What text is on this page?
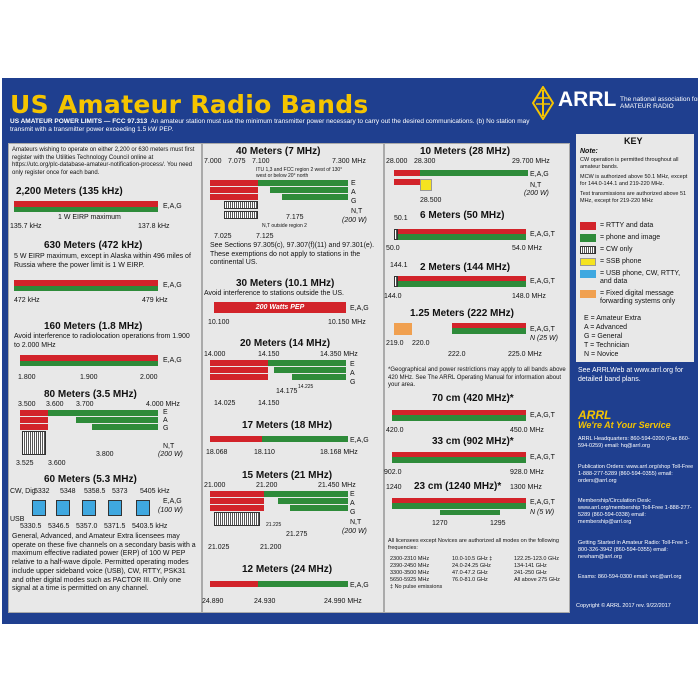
US Amateur Radio Bands
US AMATEUR POWER LIMITS — FCC 97.313 An amateur station must use the minimum transmitter power necessary to carry out the desired communications. (b) No station may transmit with a transmitter power exceeding 1.5 kW PEP.
ARRL The national association for AMATEUR RADIO
Amateurs wishing to operate on either 2,200 or 630 meters must first register with the Utilities Technology Council online at https://utc.org/plc-database-amateur-notification-process/. You need only register once for each band.
2,200 Meters (135 kHz)
E,A,G
1 W EIRP maximum
135.7 kHz	137.8 kHz
630 Meters (472 kHz)
5 W EIRP maximum, except in Alaska within 496 miles of Russia where the power limit is 1 W EIRP.
E,A,G
472 kHz	479 kHz
160 Meters (1.8 MHz)
Avoid interference to radiolocation operations from 1.900 to 2.000 MHz
E,A,G
1.800	1.900	2.000
80 Meters (3.5 MHz)
3.500 3.600 3.700	4.000 MHz
E
A
G
N,T
(200 W)
3.800
3.525 3.600
60 Meters (5.3 MHz)
CW, Dig
5332 5348 5358.5 5373 5405 kHz
E,A,G
(100 W)
USB
5330.5 5346.5 5357.0 5371.5 5403.5 kHz
General, Advanced, and Amateur Extra licensees may operate on these five channels on a secondary basis with a maximum effective radiated power (ERP) of 100 W PEP relative to a half-wave dipole. Permitted operating modes include upper sideband voice (USB), CW, RTTY, PSK31 and other digital modes such as PACTOR III. Only one signal at a time is permitted on any channel.
40 Meters (7 MHz)
7.000 7.075 7.100	7.300 MHz
ITU 1,3 and FCC region 2 west of 130° west or below 20° north
E
A
G
N,T
(200 W)
7.175
N,T outside region 2
7.025	7.125
See Sections 97.305(c), 97.307(f)(11) and 97.301(e). These exemptions do not apply to stations in the continental US.
30 Meters (10.1 MHz)
Avoid interference to stations outside the US.
200 Watts PEP	E,A,G
10.100	10.150 MHz
20 Meters (14 MHz)
14.000	14.150	14.350 MHz
E
A
G
14.175
14.225
14.025	14.150
17 Meters (18 MHz)
E,A,G
18.068	18.110	18.168 MHz
15 Meters (21 MHz)
21.000	21.200	21.450 MHz
E
A
G
N,T
(200 W)
21.225
21.275
21.025	21.200
12 Meters (24 MHz)
E,A,G
24.890	24.930	24.990 MHz
10 Meters (28 MHz)
28.000 28.300	29.700 MHz
E,A,G
N,T
(200 W)
28.500
6 Meters (50 MHz)
50.1
E,A,G,T
50.0	54.0 MHz
2 Meters (144 MHz)
144.1
E,A,G,T
144.0	148.0 MHz
1.25 Meters (222 MHz)
E,A,G,T
N (25 W)
219.0 220.0
222.0	225.0 MHz
*Geographical and power restrictions may apply to all bands above 420 MHz. See The ARRL Operating Manual for information about your area.
70 cm (420 MHz)*
E,A,G,T
420.0	450.0 MHz
33 cm (902 MHz)*
E,A,G,T
902.0	928.0 MHz
23 cm (1240 MHz)*
1240	1300 MHz
E,A,G,T
N (5 W)
1270	1295
All licensees except Novices are authorized all modes on the following frequencies:
2300-2310 MHz	10.0-10.5 GHz ‡	122.25-123.0 GHz
2390-2450 MHz	24.0-24.25 GHz	134-141 GHz
3300-3500 MHz	47.0-47.2 GHz	241-250 GHz
5650-5925 MHz	76.0-81.0 GHz	All above 275 GHz
‡ No pulse emissions
KEY
Note:
CW operation is permitted throughout all amateur bands.
MCW is authorized above 50.1 MHz, except for 144.0-144.1 and 219-220 MHz.
Test transmissions are authorized above 51 MHz, except for 219-220 MHz
= RTTY and data
= phone and image
= CW only
= SSB phone
= USB phone, CW, RTTY, and data
= Fixed digital message forwarding systems only
E = Amateur Extra
A = Advanced
G = General
T = Technician
N = Novice
See ARRLWeb at www.arrl.org for detailed band plans.
ARRL
We're At Your Service
ARRL Headquarters: 860-594-0200 (Fax 860-594-0259) email: hq@arrl.org
Publication Orders: www.arrl.org/shop Toll-Free 1-888-277-5289 (860-594-0355) email: orders@arrl.org
Membership/Circulation Desk: www.arrl.org/membership Toll-Free 1-888-277-5289 (860-594-0338) email: membership@arrl.org
Getting Started in Amateur Radio: Toll-Free 1-800-326-3942 (860-594-0355) email: newham@arrl.org
Exams: 860-594-0300 email: vec@arrl.org
Copyright © ARRL 2017 rev. 9/22/2017
